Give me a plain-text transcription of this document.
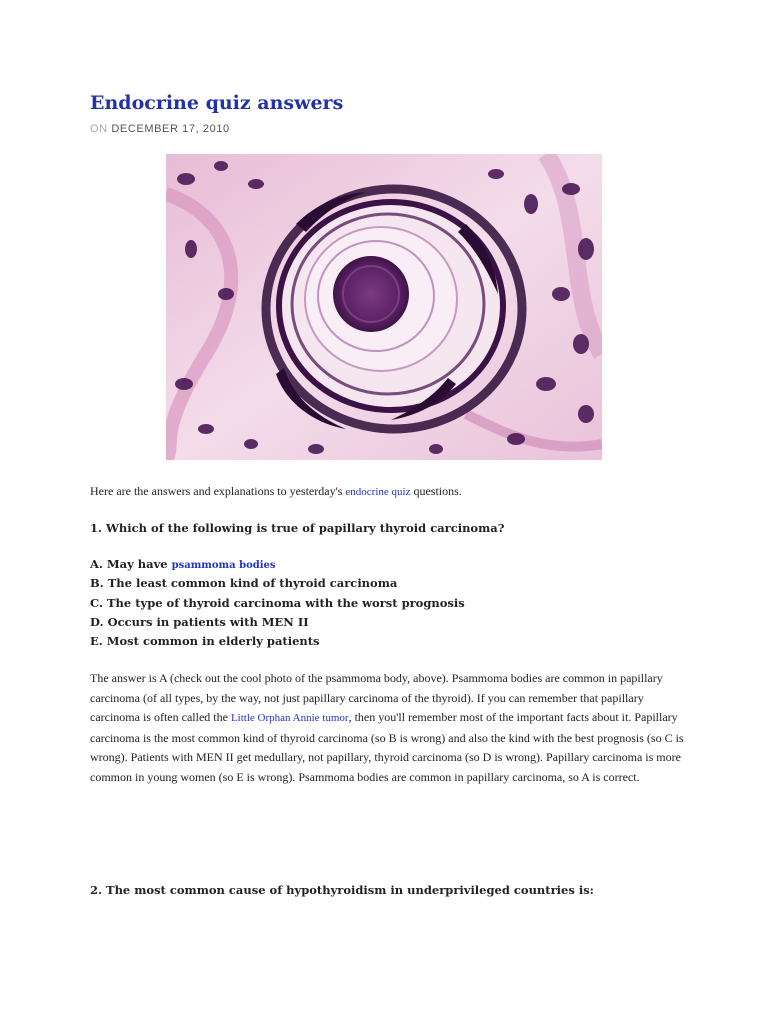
Endocrine quiz answers
ON DECEMBER 17, 2010
Here are the answers and explanations to yesterday's endocrine quiz questions.
1. Which of the following is true of papillary thyroid carcinoma?
A. May have psammoma bodies
B. The least common kind of thyroid carcinoma
C. The type of thyroid carcinoma with the worst prognosis
D. Occurs in patients with MEN II
E. Most common in elderly patients
The answer is A (check out the cool photo of the psammoma body, above). Psammoma bodies are common in papillary carcinoma (of all types, by the way, not just papillary carcinoma of the thyroid). If you can remember that papillary carcinoma is often called the Little Orphan Annie tumor, then you'll remember most of the important facts about it. Papillary carcinoma is the most common kind of thyroid carcinoma (so B is wrong) and also the kind with the best prognosis (so C is wrong). Patients with MEN II get medullary, not papillary, thyroid carcinoma (so D is wrong). Papillary carcinoma is more common in young women (so E is wrong). Psammoma bodies are common in papillary carcinoma, so A is correct.
2. The most common cause of hypothyroidism in underprivileged countries is:
